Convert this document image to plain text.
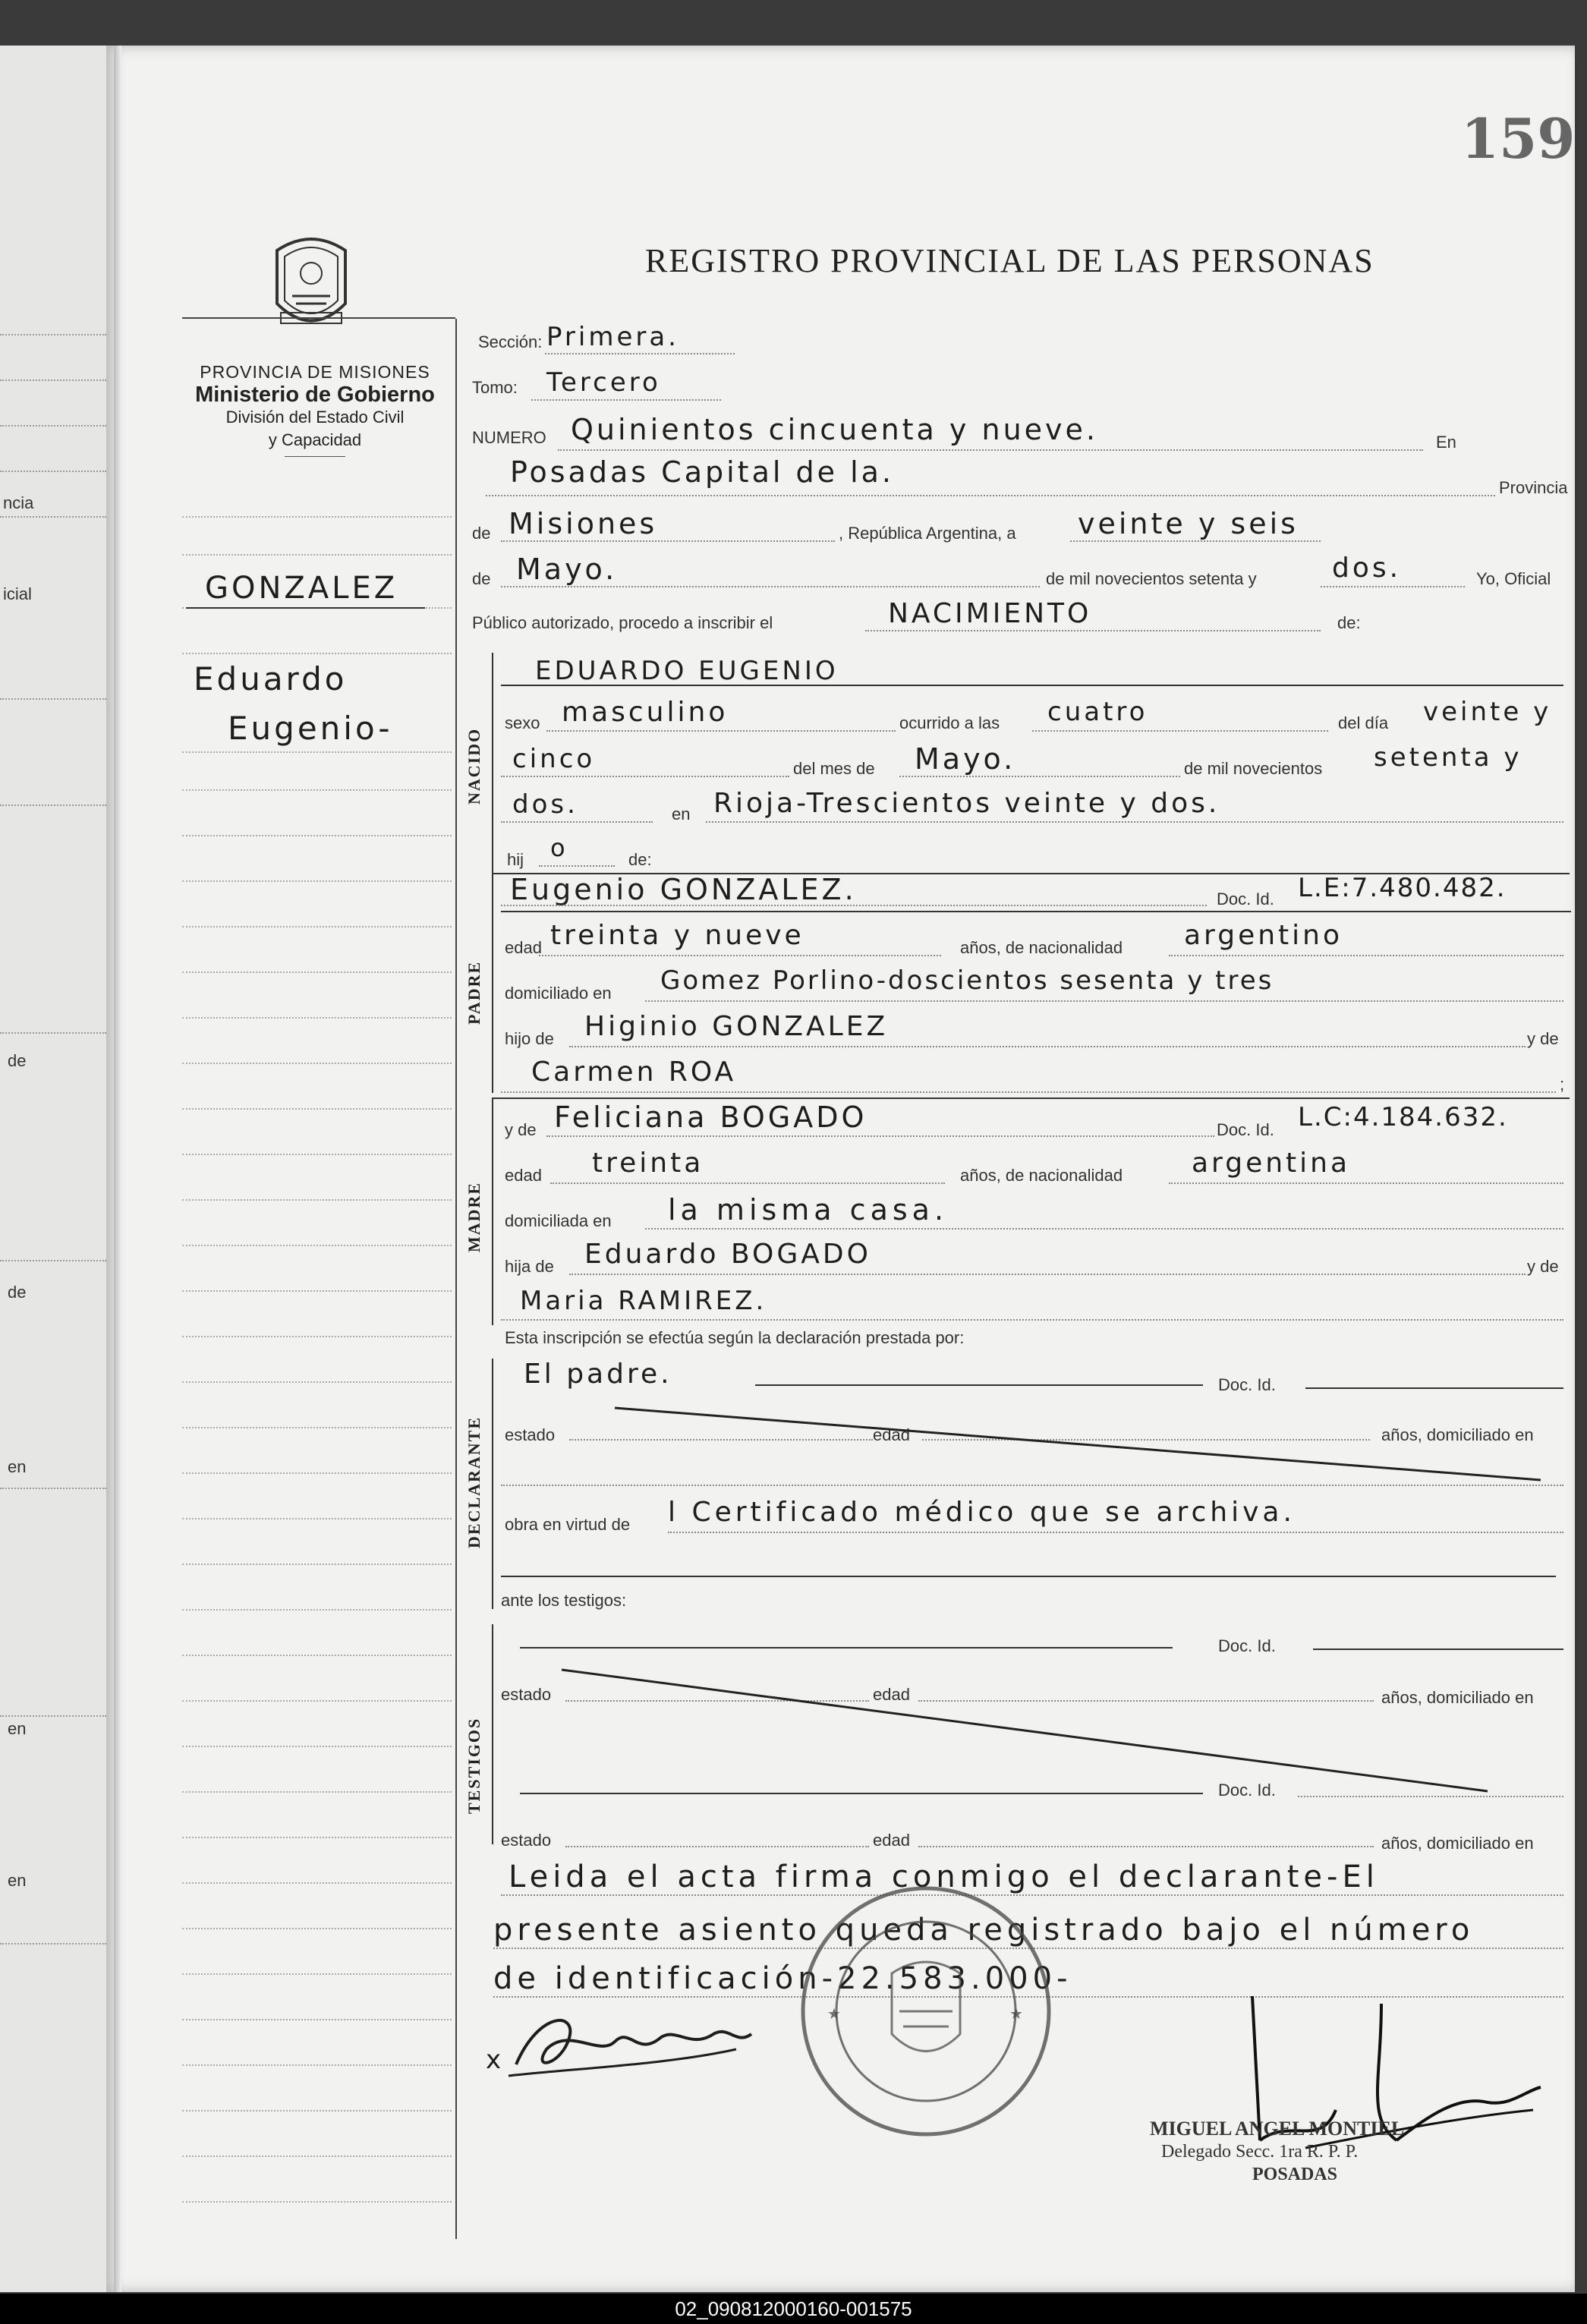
ncia
icial
de
de
en
en
en
159
REGISTRO PROVINCIAL DE LAS PERSONAS
PROVINCIA DE MISIONES
Ministerio de Gobierno
División del Estado Civil
y Capacidad
GONZALEZ
Eduardo
Eugenio-
Sección: Primera.
Tomo: Tercero
NUMERO Quinientos cincuenta y nueve.	En
Posadas Capital de la.	Provincia
de Misiones	, República Argentina, a veinte y seis
de Mayo.	de mil novecientos setenta y	dos.	Yo, Oficial
Público autorizado, procedo a inscribir el	NACIMIENTO	de:
NACIDO
EDUARDO EUGENIO
sexo masculino	ocurrido a las cuatro	del día veinte y
cinco	del mes de Mayo.	de mil novecientos setenta y
dos.	en Rioja-Trescientos veinte y dos.
hij o	de:
PADRE
Eugenio GONZALEZ.	Doc. Id. L.E:7.480.482.
edad treinta y nueve	años, de nacionalidad argentino
domiciliado en Gomez Porlino-doscientos sesenta y tres
hijo de Higinio GONZALEZ	y de
Carmen ROA	;
MADRE
y de Feliciana BOGADO	Doc. Id. L.C:4.184.632.
edad treinta	años, de nacionalidad	argentina
domiciliada en la misma casa.
hija de Eduardo BOGADO	y de
Maria RAMIREZ.
Esta inscripción se efectúa según la declaración prestada por:
DECLARANTE
El padre.	Doc. Id.
estado	edad	años, domiciliado en
obra en virtud de l Certificado médico que se archiva.
ante los testigos:
TESTIGOS
Doc. Id.
estado	edad	años, domiciliado en
Doc. Id.
estado	edad	años, domiciliado en
Leida el acta firma conmigo el declarante-El
presente asiento queda registrado bajo el número
de identificación-22.583.000-
★	★
x
MIGUEL ANGEL MONTIEL
Delegado Secc. 1ra R. P. P.
POSADAS
02_090812000160-001575
